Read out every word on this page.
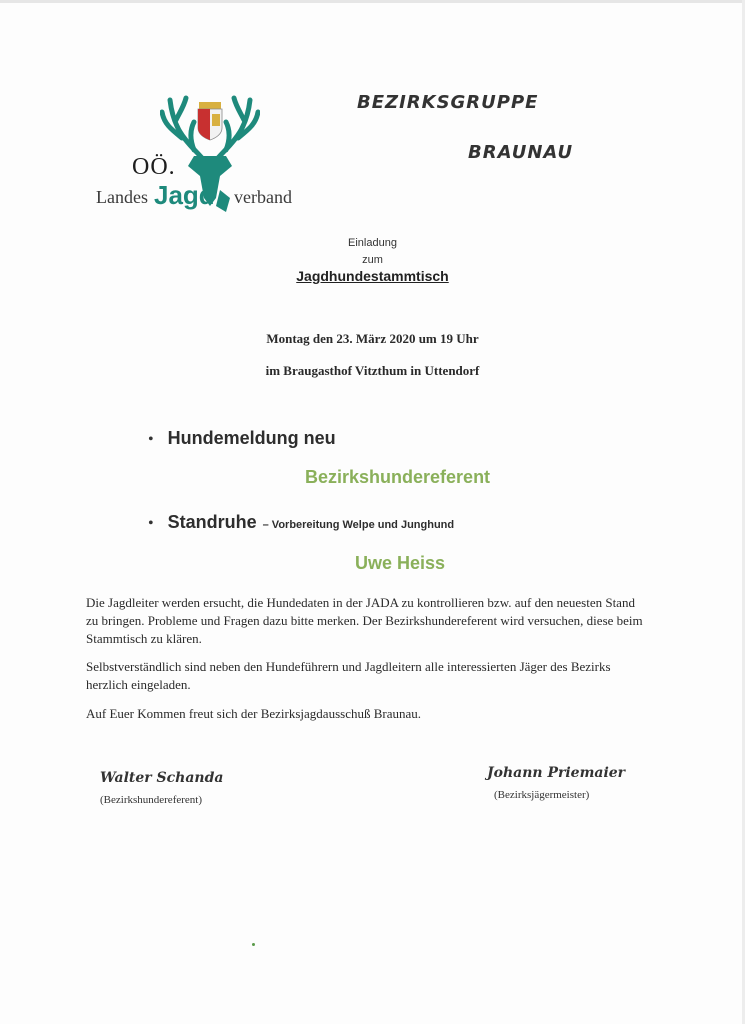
OÖ.
Landes Jagd verband
BEZIRKSGRUPPE
BRAUNAU
Einladung
zum
Jagdhundestammtisch
Montag den 23. März 2020 um 19 Uhr
im Braugasthof Vitzthum in Uttendorf
• Hundemeldung neu
Bezirkshundereferent
• Standruhe – Vorbereitung Welpe und Junghund
Uwe Heiss
Die Jagdleiter werden ersucht, die Hundedaten in der JADA zu kontrollieren bzw. auf den neuesten Stand zu bringen. Probleme und Fragen dazu bitte merken. Der Bezirkshundereferent wird versuchen, diese beim Stammtisch zu klären.
Selbstverständlich sind neben den Hundeführern und Jagdleitern alle interessierten Jäger des Bezirks herzlich eingeladen.
Auf Euer Kommen freut sich der Bezirksjagdausschuß Braunau.
Walter Schanda
(Bezirkshundereferent)
Johann Priemaier
(Bezirksjägermeister)
